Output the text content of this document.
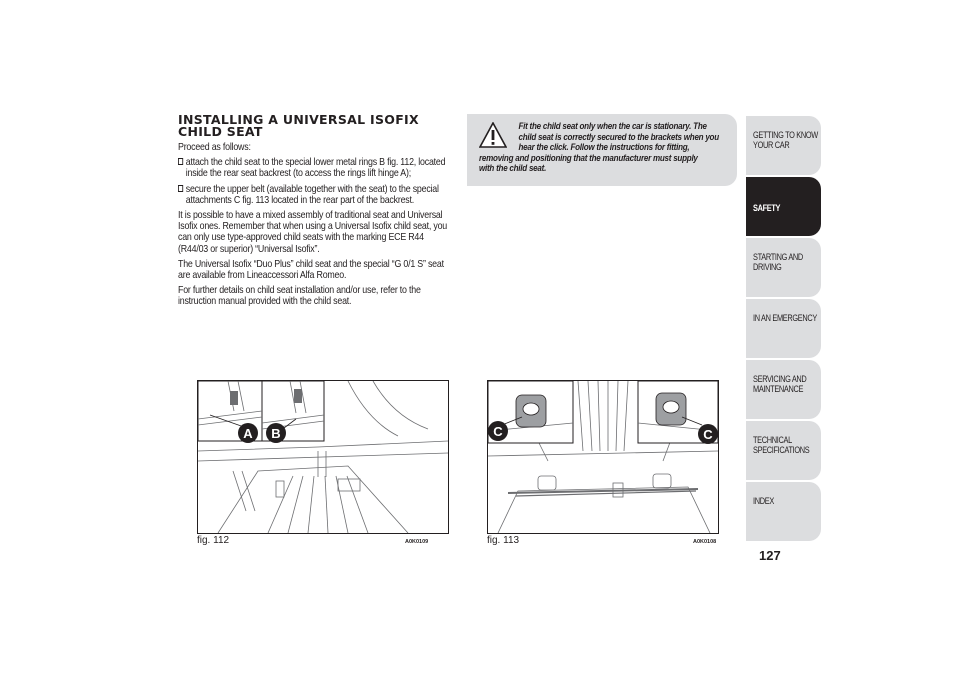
INSTALLING A UNIVERSAL ISOFIX
CHILD SEAT

Proceed as follows:

attach the child seat to the special lower metal rings B fig. 112, located inside the rear seat backrest (to access the rings lift hinge A);
secure the upper belt (available together with the seat) to the special attachments C fig. 113 located in the rear part of the backrest.

It is possible to have a mixed assembly of traditional seat and Universal Isofix ones. Remember that when using a Universal Isofix child seat, you can only use type-approved child seats with the marking ECE R44 (R44/03 or superior) “Universal Isofix”.

The Universal Isofix “Duo Plus” child seat and the special “G 0/1 S” seat are available from Lineaccessori Alfa Romeo.

For further details on child seat installation and/or use, refer to the instruction manual provided with the child seat.

Fit the child seat only when the car is stationary. The
child seat is correctly secured to the brackets when you
hear the click. Follow the instructions for fitting,
removing and positioning that the manufacturer must supply
with the child seat.
A B
fig. 112	A0K0109
C	C
fig. 113	A0K0108
GETTING TO KNOW YOUR CAR
SAFETY
STARTING AND DRIVING
IN AN EMERGENCY
SERVICING AND MAINTENANCE
TECHNICAL SPECIFICATIONS
INDEX
127
